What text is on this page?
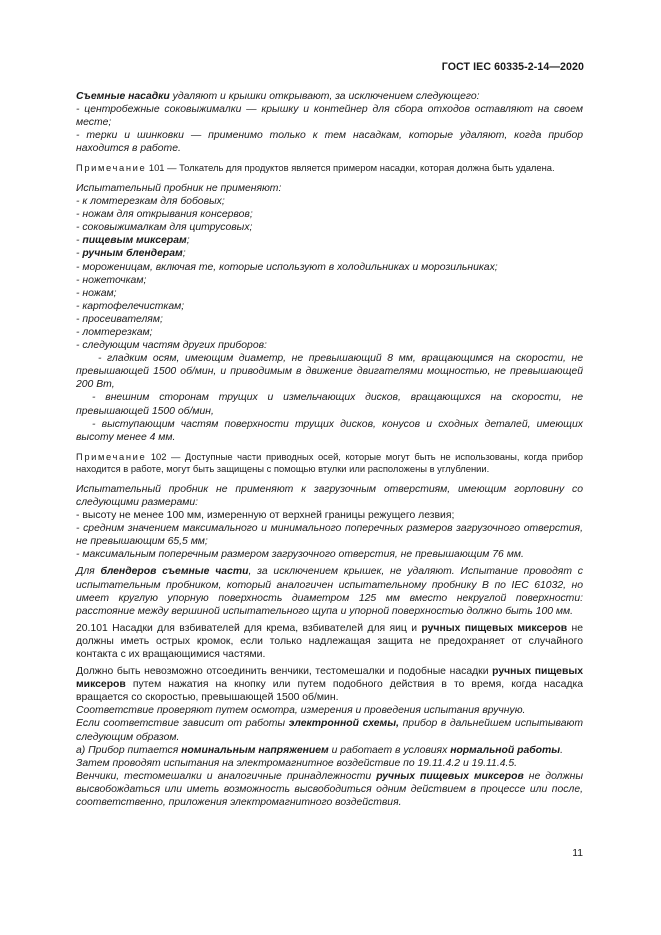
ГОСТ IEC 60335-2-14—2020

Съемные насадки удаляют и крышки открывают, за исключением следующего:

- центробежные соковыжималки — крышку и контейнер для сбора отходов оставляют на своем месте;

- терки и шинковки — применимо только к тем насадкам, которые удаляют, когда прибор находится в работе.

Примечание 101 — Толкатель для продуктов является примером насадки, которая должна быть удалена.

Испытательный пробник не применяют:

- к ломтерезкам для бобовых;

- ножам для открывания консервов;

- соковыжималкам для цитрусовых;

- пищевым миксерам;

- ручным блендерам;

- мороженицам, включая те, которые используют в холодильниках и морозильниках;

- ножеточкам;

- ножам;

- картофелечисткам;

- просеивателям;

- ломтерезкам;

- следующим частям других приборов:

- гладким осям, имеющим диаметр, не превышающий 8 мм, вращающимся на скорости, не превышающей 1500 об/мин, и приводимым в движение двигателями мощностью, не превышающей 200 Вт,

- внешним сторонам трущих и измельчающих дисков, вращающихся на скорости, не превышающей 1500 об/мин,

- выступающим частям поверхности трущих дисков, конусов и сходных деталей, имеющих высоту менее 4 мм.

Примечание 102 — Доступные части приводных осей, которые могут быть не использованы, когда прибор находится в работе, могут быть защищены с помощью втулки или расположены в углублении.

Испытательный пробник не применяют к загрузочным отверстиям, имеющим горловину со следующими размерами:

- высоту не менее 100 мм, измеренную от верхней границы режущего лезвия;

- средним значением максимального и минимального поперечных размеров загрузочного отверстия, не превышающим 65,5 мм;

- максимальным поперечным размером загрузочного отверстия, не превышающим 76 мм.

Для блендеров съемные части, за исключением крышек, не удаляют. Испытание проводят с испытательным пробником, который аналогичен испытательному пробнику B по IEC 61032, но имеет круглую упорную поверхность диаметром 125 мм вместо некруглой поверхности: расстояние между вершиной испытательного щупа и упорной поверхностью должно быть 100 мм.

20.101 Насадки для взбивателей для крема, взбивателей для яиц и ручных пищевых миксеров не должны иметь острых кромок, если только надлежащая защита не предохраняет от случайного контакта с их вращающимися частями.

Должно быть невозможно отсоединить венчики, тестомешалки и подобные насадки ручных пищевых миксеров путем нажатия на кнопку или путем подобного действия в то время, когда насадка вращается со скоростью, превышающей 1500 об/мин.

Соответствие проверяют путем осмотра, измерения и проведения испытания вручную.

Если соответствие зависит от работы электронной схемы, прибор в дальнейшем испытывают следующим образом.

а) Прибор питается номинальным напряжением и работает в условиях нормальной работы.

Затем проводят испытания на электромагнитное воздействие по 19.11.4.2 и 19.11.4.5.

Венчики, тестомешалки и аналогичные принадлежности ручных пищевых миксеров не должны высвобождаться или иметь возможность высвободиться одним действием в процессе или после, соответственно, приложения электромагнитного воздействия.

11
